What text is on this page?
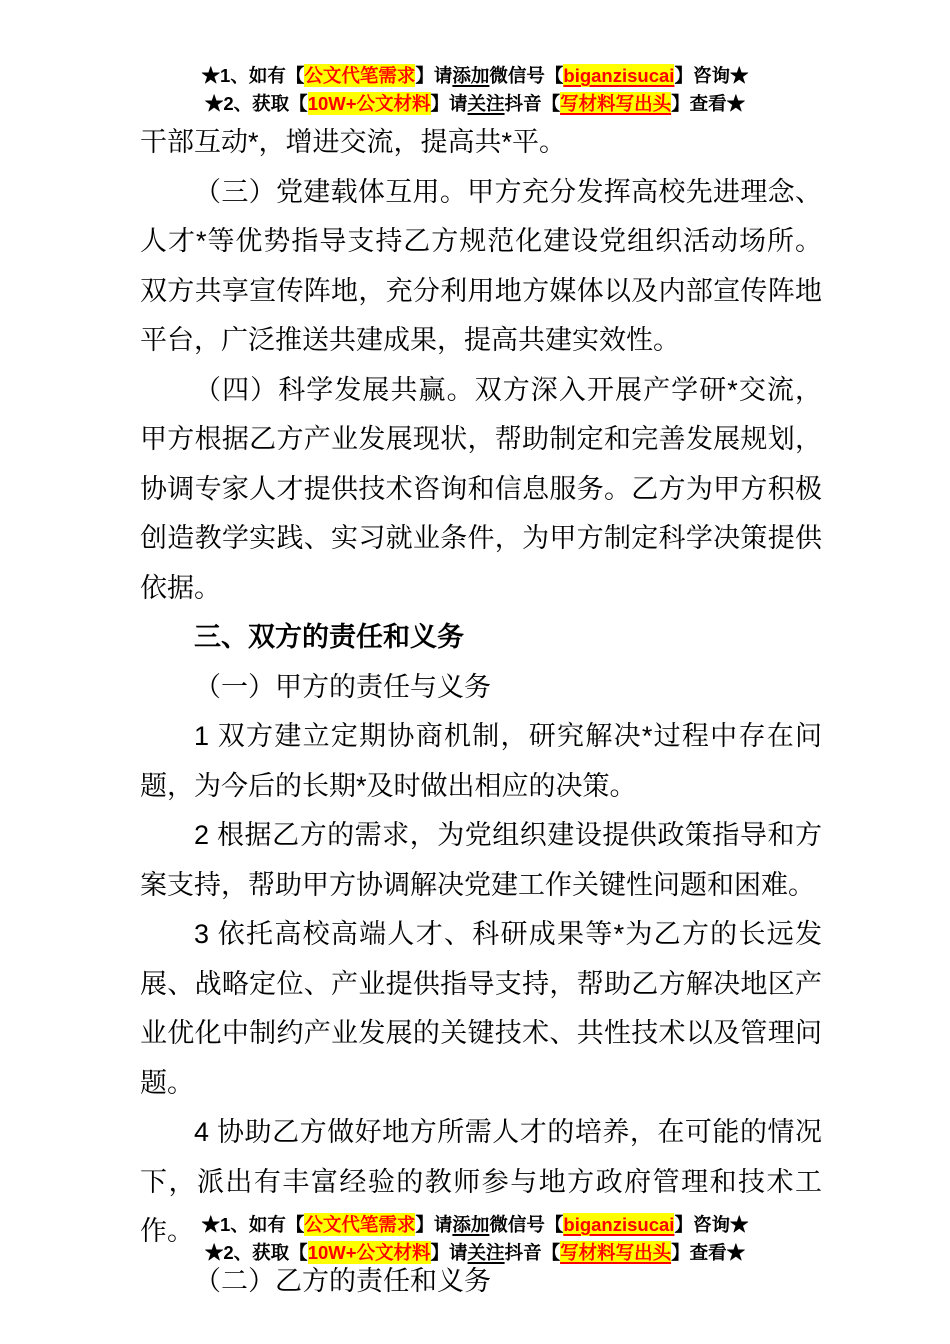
★1、如有【公文代笔需求】请添加微信号【biganzisucai】咨询★
★2、获取【10W+公文材料】请关注抖音【写材料写出头】查看★

干部互动*，增进交流，提高共*平。

（三）党建载体互用。甲方充分发挥高校先进理念、人才*等优势指导支持乙方规范化建设党组织活动场所。双方共享宣传阵地，充分利用地方媒体以及内部宣传阵地平台，广泛推送共建成果，提高共建实效性。

（四）科学发展共赢。双方深入开展产学研*交流，甲方根据乙方产业发展现状，帮助制定和完善发展规划，协调专家人才提供技术咨询和信息服务。乙方为甲方积极创造教学实践、实习就业条件，为甲方制定科学决策提供依据。

三、双方的责任和义务

（一）甲方的责任与义务

1 双方建立定期协商机制，研究解决*过程中存在问题，为今后的长期*及时做出相应的决策。

2 根据乙方的需求，为党组织建设提供政策指导和方案支持，帮助甲方协调解决党建工作关键性问题和困难。

3 依托高校高端人才、科研成果等*为乙方的长远发展、战略定位、产业提供指导支持，帮助乙方解决地区产业优化中制约产业发展的关键技术、共性技术以及管理问题。

4 协助乙方做好地方所需人才的培养，在可能的情况下，派出有丰富经验的教师参与地方政府管理和技术工作。

（二）乙方的责任和义务

★1、如有【公文代笔需求】请添加微信号【biganzisucai】咨询★
★2、获取【10W+公文材料】请关注抖音【写材料写出头】查看★
